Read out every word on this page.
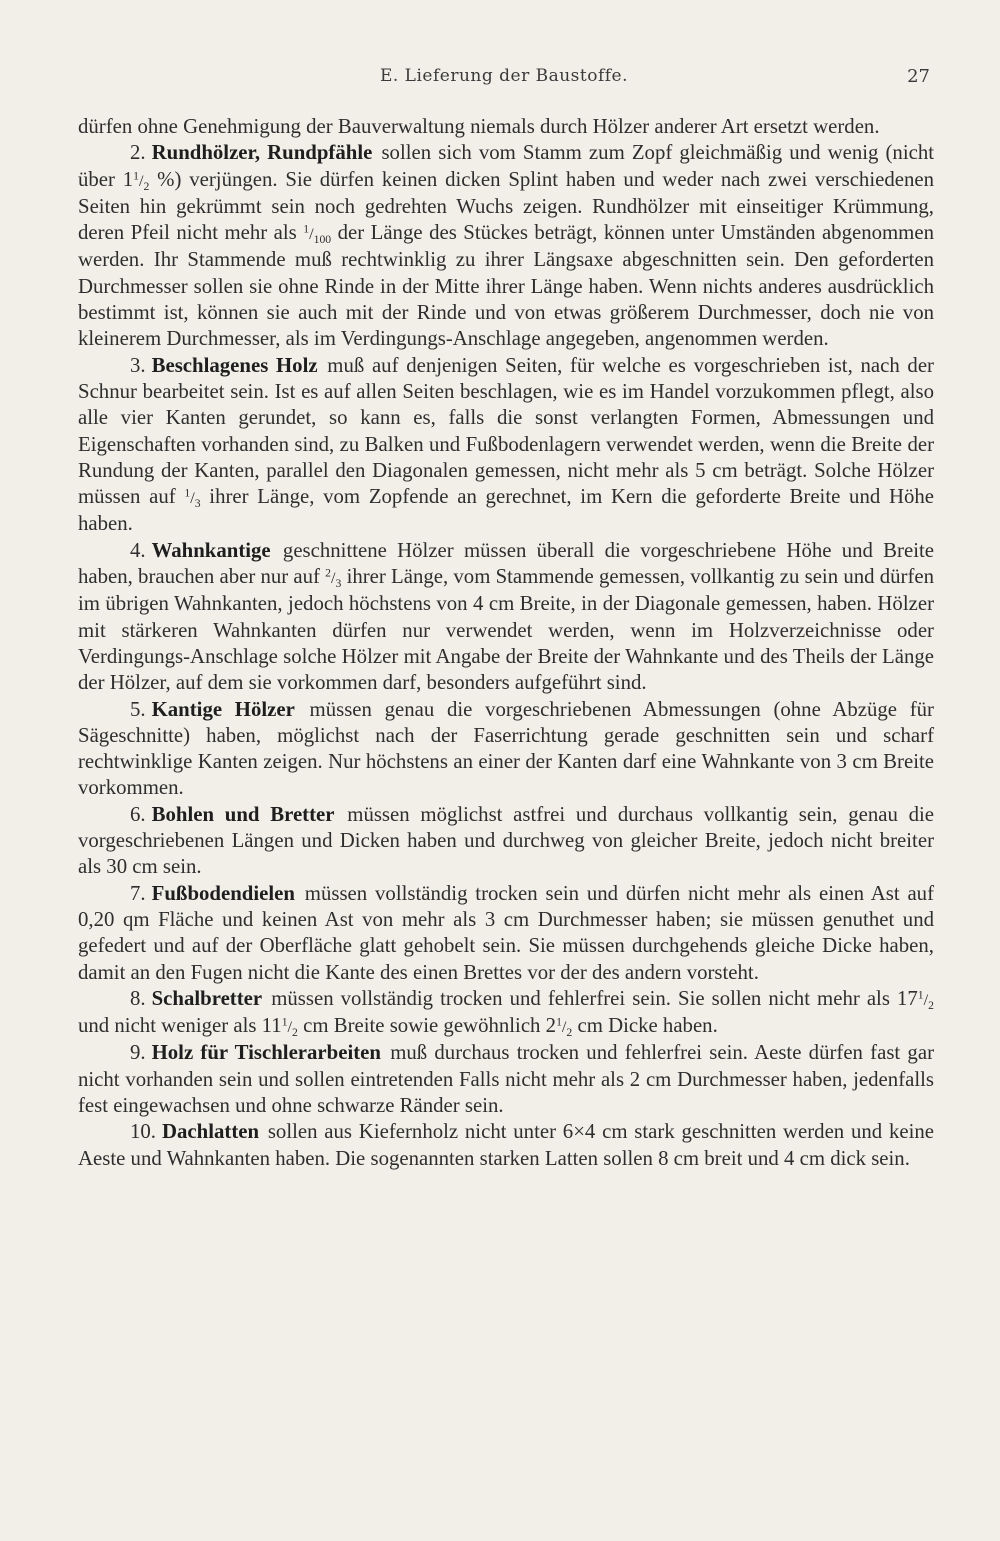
E. Lieferung der Baustoffe.	27

dürfen ohne Genehmigung der Bauverwaltung niemals durch Hölzer anderer Art ersetzt werden.

2. Rundhölzer, Rundpfähle sollen sich vom Stamm zum Zopf gleichmäßig und wenig (nicht über $1^1/_2$ %) verjüngen. Sie dürfen keinen dicken Splint haben und weder nach zwei verschiedenen Seiten hin gekrümmt sein noch gedrehten Wuchs zeigen. Rundhölzer mit einseitiger Krümmung, deren Pfeil nicht mehr als $^1/_{100}$ der Länge des Stückes beträgt, können unter Umständen abgenommen werden. Ihr Stammende muß rechtwinklig zu ihrer Längsaxe abgeschnitten sein. Den geforderten Durchmesser sollen sie ohne Rinde in der Mitte ihrer Länge haben. Wenn nichts anderes ausdrücklich bestimmt ist, können sie auch mit der Rinde und von etwas größerem Durchmesser, doch nie von kleinerem Durchmesser, als im Verdingungs-Anschlage angegeben, angenommen werden.

3. Beschlagenes Holz muß auf denjenigen Seiten, für welche es vorgeschrieben ist, nach der Schnur bearbeitet sein. Ist es auf allen Seiten beschlagen, wie es im Handel vorzukommen pflegt, also alle vier Kanten gerundet, so kann es, falls die sonst verlangten Formen, Abmessungen und Eigenschaften vorhanden sind, zu Balken und Fußbodenlagern verwendet werden, wenn die Breite der Rundung der Kanten, parallel den Diagonalen gemessen, nicht mehr als 5 cm beträgt. Solche Hölzer müssen auf $^1/_3$ ihrer Länge, vom Zopfende an gerechnet, im Kern die geforderte Breite und Höhe haben.

4. Wahnkantige geschnittene Hölzer müssen überall die vorgeschriebene Höhe und Breite haben, brauchen aber nur auf $^2/_3$ ihrer Länge, vom Stammende gemessen, vollkantig zu sein und dürfen im übrigen Wahnkanten, jedoch höchstens von 4 cm Breite, in der Diagonale gemessen, haben. Hölzer mit stärkeren Wahnkanten dürfen nur verwendet werden, wenn im Holzverzeichnisse oder Verdingungs-Anschlage solche Hölzer mit Angabe der Breite der Wahnkante und des Theils der Länge der Hölzer, auf dem sie vorkommen darf, besonders aufgeführt sind.

5. Kantige Hölzer müssen genau die vorgeschriebenen Abmessungen (ohne Abzüge für Sägeschnitte) haben, möglichst nach der Faserrichtung gerade geschnitten sein und scharf rechtwinklige Kanten zeigen. Nur höchstens an einer der Kanten darf eine Wahnkante von 3 cm Breite vorkommen.

6. Bohlen und Bretter müssen möglichst astfrei und durchaus vollkantig sein, genau die vorgeschriebenen Längen und Dicken haben und durchweg von gleicher Breite, jedoch nicht breiter als 30 cm sein.

7. Fußbodendielen müssen vollständig trocken sein und dürfen nicht mehr als einen Ast auf 0,20 qm Fläche und keinen Ast von mehr als 3 cm Durchmesser haben; sie müssen genuthet und gefedert und auf der Oberfläche glatt gehobelt sein. Sie müssen durchgehends gleiche Dicke haben, damit an den Fugen nicht die Kante des einen Brettes vor der des andern vorsteht.

8. Schalbretter müssen vollständig trocken und fehlerfrei sein. Sie sollen nicht mehr als $17^1/_2$ und nicht weniger als $11^1/_2$ cm Breite sowie gewöhnlich $2^1/_2$ cm Dicke haben.

9. Holz für Tischlerarbeiten muß durchaus trocken und fehlerfrei sein. Aeste dürfen fast gar nicht vorhanden sein und sollen eintretenden Falls nicht mehr als 2 cm Durchmesser haben, jedenfalls fest eingewachsen und ohne schwarze Ränder sein.

10. Dachlatten sollen aus Kiefernholz nicht unter 6×4 cm stark geschnitten werden und keine Aeste und Wahnkanten haben. Die sogenannten starken Latten sollen 8 cm breit und 4 cm dick sein.
